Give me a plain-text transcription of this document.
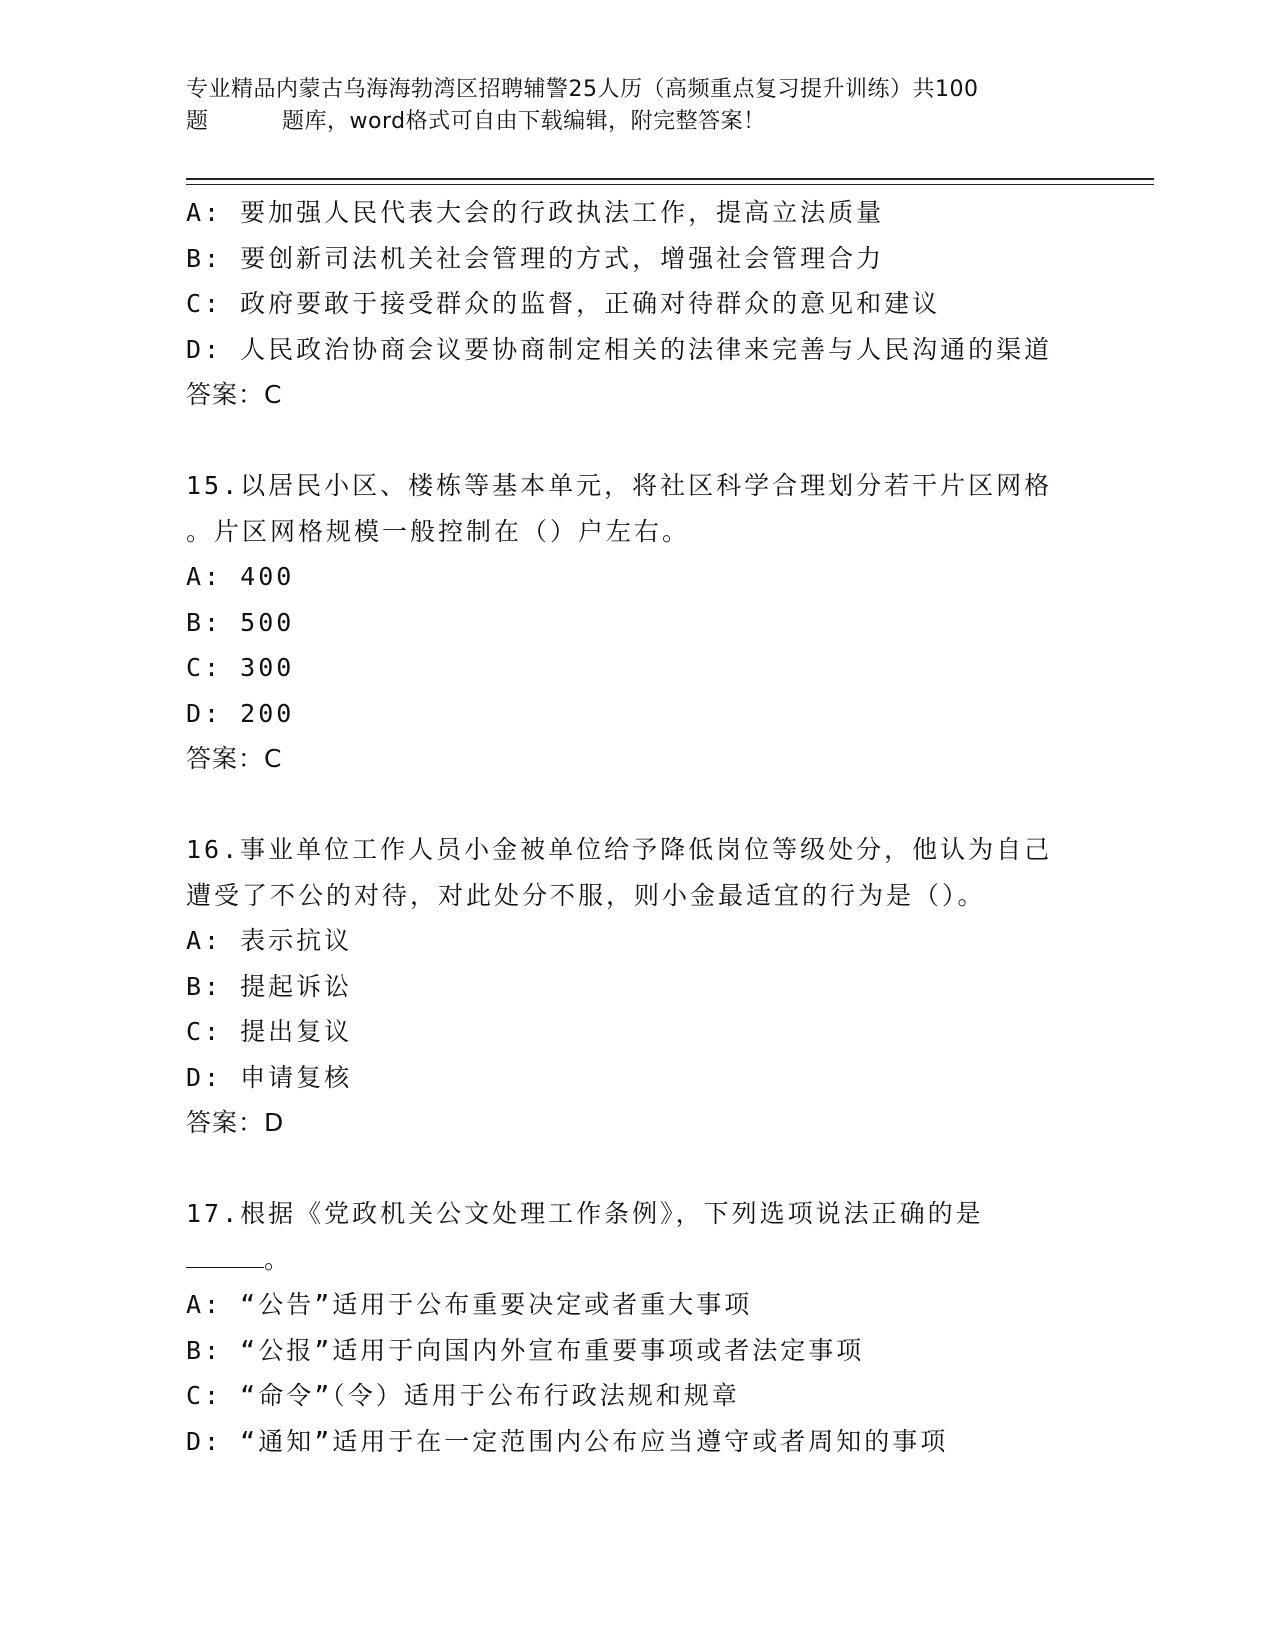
专业精品内蒙古乌海海勃湾区招聘辅警25人历（高频重点复习提升训练）共100
题	题库，word格式可自由下载编辑，附完整答案！
A: 要加强人民代表大会的行政执法工作，提高立法质量
B: 要创新司法机关社会管理的方式，增强社会管理合力
C: 政府要敢于接受群众的监督，正确对待群众的意见和建议
D: 人民政治协商会议要协商制定相关的法律来完善与人民沟通的渠道
答案：C
15.以居民小区、楼栋等基本单元，将社区科学合理划分若干片区网格
。片区网格规模一般控制在（）户左右。
A: 400
B: 500
C: 300
D: 200
答案：C
16.事业单位工作人员小金被单位给予降低岗位等级处分，他认为自己
遭受了不公的对待，对此处分不服，则小金最适宜的行为是（）。
A: 表示抗议
B: 提起诉讼
C: 提出复议
D: 申请复核
答案：D
17.根据《党政机关公文处理工作条例》，下列选项说法正确的是
。
A: “公告”适用于公布重要决定或者重大事项
B: “公报”适用于向国内外宣布重要事项或者法定事项
C: “命令”（令）适用于公布行政法规和规章
D: “通知”适用于在一定范围内公布应当遵守或者周知的事项
